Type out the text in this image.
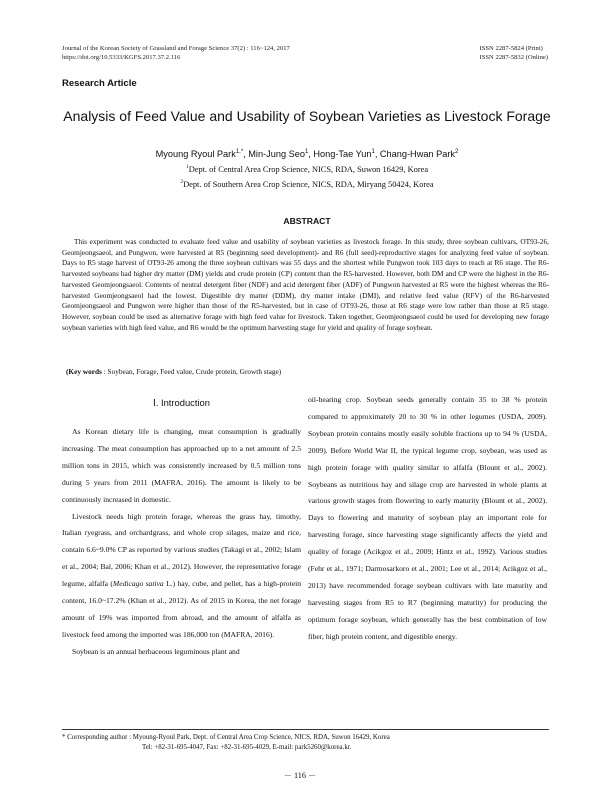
Journal of the Korean Society of Grassland and Forage Science 37(2) : 116~124, 2017
https://doi.org/10.5333/KGFS.2017.37.2.116
ISSN 2287-5824 (Print)
ISSN 2287-5832 (Online)
Research Article
Analysis of Feed Value and Usability of Soybean Varieties as Livestock Forage
Myoung Ryoul Park$^{1,*}$, Min-Jung Seo$^1$, Hong-Tae Yun$^1$, Chang-Hwan Park$^2$
$^1$Dept. of Central Area Crop Science, NICS, RDA, Suwon 16429, Korea
$^2$Dept. of Southern Area Crop Science, NICS, RDA, Miryang 50424, Korea
ABSTRACT

This experiment was conducted to evaluate feed value and usability of soybean varieties as livestock forage. In this study, three soybean cultivars, OT93-26, Geomjeongsaeol, and Pungwon, were harvested at R5 (beginning seed development)- and R6 (full seed)-reproductive stages for analyzing feed value of soybean. Days to R5 stage harvest of OT93-26 among the three soybean cultivars was 55 days and the shortest while Pungwon took 103 days to reach at R6 stage. The R6-harvested soybeans had higher dry matter (DM) yields and crude protein (CP) content than the R5-harvested. However, both DM and CP were the highest in the R6-harvested Geomjeongsaeol. Contents of neutral detergent fiber (NDF) and acid detergent fiber (ADF) of Pungwon harvested at R5 were the highest whereas the R6-harvested Geomjeongsaeol had the lowest. Digestible dry matter (DDM), dry matter intake (DMI), and relative feed value (RFV) of the R6-harvested Geomjeongsaeol and Pungwon were higher than those of the R5-harvested, but in case of OT93-26, those at R6 stage were low rather than those at R5 stage. However, soybean could be used as alternative forage with high feed value for livestock. Taken together, Geomjeongsaeol could be used for developing new forage soybean varieties with high feed value, and R6 would be the optimum harvesting stage for yield and quality of forage soybean.

(Key words : Soybean, Forage, Feed value, Crude protein, Growth stage)
Ⅰ. Introduction

As Korean dietary life is changing, meat consumption is gradually increasing. The meat consumption has approached up to a net amount of 2.5 million tons in 2015, which was consistently increased by 0.5 million tons during 5 years from 2011 (MAFRA, 2016). The amount is likely to be continuously increased in domestic.

Livestock needs high protein forage, whereas the grass hay, timothy, Italian ryegrass, and orchardgrass, and whole crop silages, maize and rice, contain 6.6~9.0% CP as reported by various studies (Takagi et al., 2002; Islam et al., 2004; Bal, 2006; Khan et al., 2012). However, the representative forage legume, alfalfa (Medicago sativa L.) hay, cube, and pellet, has a high-protein content, 16.0~17.2% (Khan et al., 2012). As of 2015 in Korea, the net forage amount of 19% was imported from abroad, and the amount of alfalfa as livestock feed among the imported was 186,000 ton (MAFRA, 2016).

Soybean is an annual herbaceous leguminous plant and

oil-bearing crop. Soybean seeds generally contain 35 to 38 % protein compared to approximately 20 to 30 % in other legumes (USDA, 2009). Soybean protein contains mostly easily soluble fractions up to 94 % (USDA, 2009). Before World War II, the typical legume crop, soybean, was used as high protein forage with quality similar to alfalfa (Blount et al., 2002). Soybeans as nutritious hay and silage crop are harvested in whole plants at various growth stages from flowering to early maturity (Blount et al., 2002). Days to flowering and maturity of soybean play an important role for harvesting forage, since harvesting stage significantly affects the yield and quality of forage (Acikgoz et al., 2009; Hintz et al., 1992). Various studies (Fehr et al., 1971; Darmosarkoro et al., 2001; Lee et al., 2014; Acikgoz et al., 2013) have recommended forage soybean cultivars with late maturity and harvesting stages from R5 to R7 (beginning maturity) for producing the optimum forage soybean, which generally has the best combination of low fiber, high protein content, and digestible energy.

* Corresponding author : Myoung-Ryoul Park, Dept. of Central Area Crop Science, NICS, RDA, Suwon 16429, Korea
Tel: +82-31-695-4047, Fax: +82-31-695-4029, E-mail: park5260@korea.kr.
－ 116 －
